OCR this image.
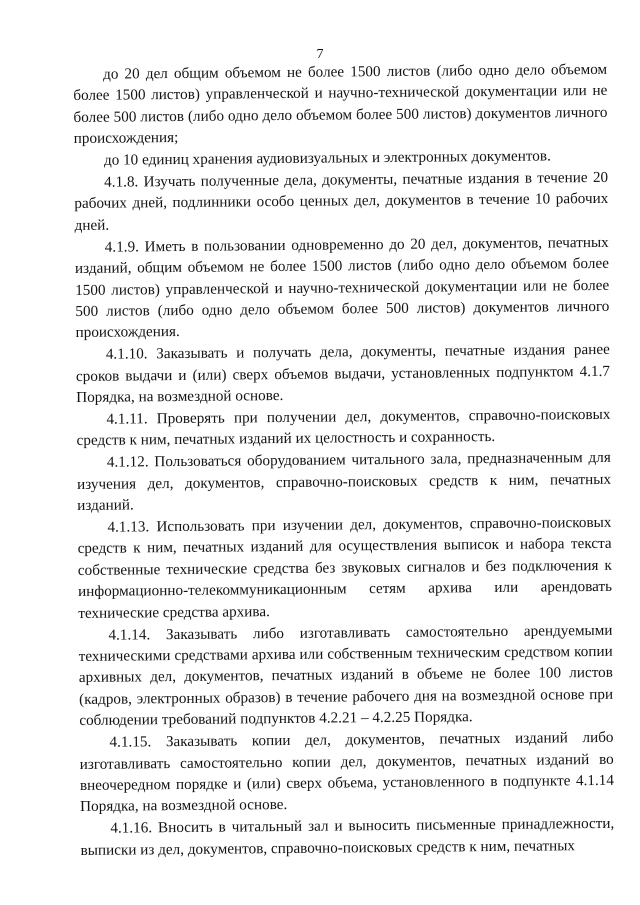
7

до 20 дел общим объемом не более 1500 листов (либо одно дело объемом более 1500 листов) управленческой и научно-технической документации или не более 500 листов (либо одно дело объемом более 500 листов) документов личного происхождения;

до 10 единиц хранения аудиовизуальных и электронных документов.

4.1.8. Изучать полученные дела, документы, печатные издания в течение 20 рабочих дней, подлинники особо ценных дел, документов в течение 10 рабочих дней.

4.1.9. Иметь в пользовании одновременно до 20 дел, документов, печатных изданий, общим объемом не более 1500 листов (либо одно дело объемом более 1500 листов) управленческой и научно-технической документации или не более 500 листов (либо одно дело объемом более 500 листов) документов личного происхождения.

4.1.10. Заказывать и получать дела, документы, печатные издания ранее сроков выдачи и (или) сверх объемов выдачи, установленных подпунктом 4.1.7 Порядка, на возмездной основе.

4.1.11. Проверять при получении дел, документов, справочно-поисковых средств к ним, печатных изданий их целостность и сохранность.

4.1.12. Пользоваться оборудованием читального зала, предназначенным для изучения дел, документов, справочно-поисковых средств к ним, печатных изданий.

4.1.13. Использовать при изучении дел, документов, справочно-поисковых средств к ним, печатных изданий для осуществления выписок и набора текста собственные технические средства без звуковых сигналов и без подключения к информационно-телекоммуникационным сетям архива или арендовать технические средства архива.

4.1.14. Заказывать либо изготавливать самостоятельно арендуемыми техническими средствами архива или собственным техническим средством копии архивных дел, документов, печатных изданий в объеме не более 100 листов (кадров, электронных образов) в течение рабочего дня на возмездной основе при соблюдении требований подпунктов 4.2.21 – 4.2.25 Порядка.

4.1.15. Заказывать копии дел, документов, печатных изданий либо изготавливать самостоятельно копии дел, документов, печатных изданий во внеочередном порядке и (или) сверх объема, установленного в подпункте 4.1.14 Порядка, на возмездной основе.

4.1.16. Вносить в читальный зал и выносить письменные принадлежности, выписки из дел, документов, справочно-поисковых средств к ним, печатных
